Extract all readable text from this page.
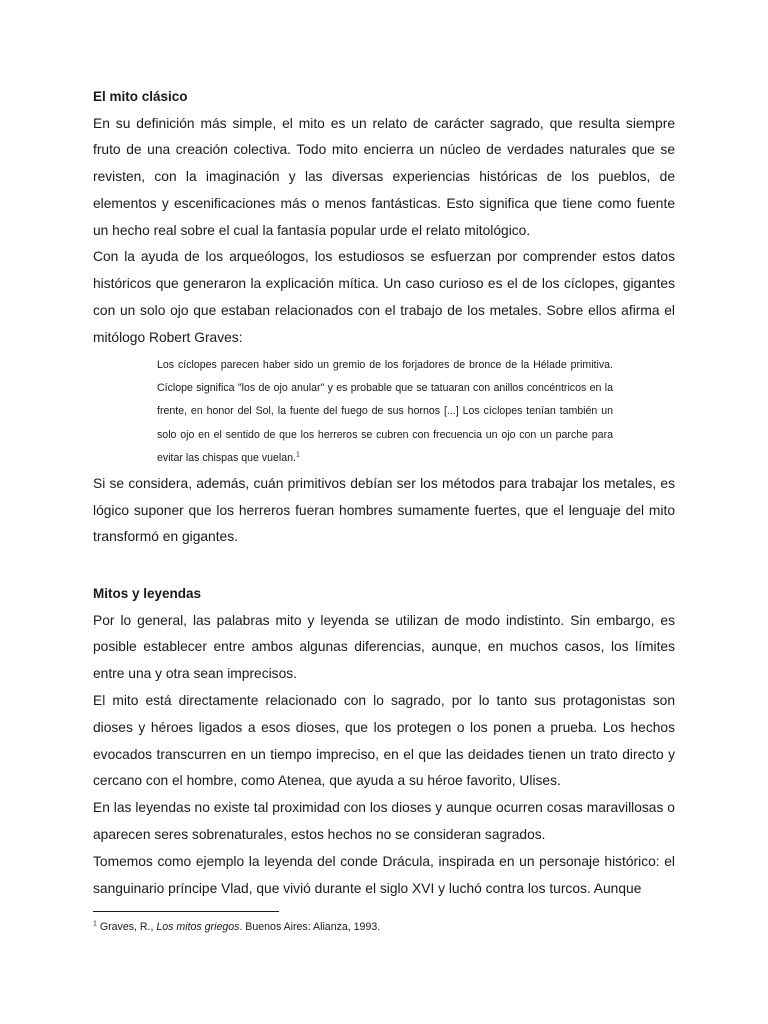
El mito clásico

En su definición más simple, el mito es un relato de carácter sagrado, que resulta siempre fruto de una creación colectiva. Todo mito encierra un núcleo de verdades naturales que se revisten, con la imaginación y las diversas experiencias históricas de los pueblos, de elementos y escenificaciones más o menos fantásticas. Esto significa que tiene como fuente un hecho real sobre el cual la fantasía popular urde el relato mitológico.

Con la ayuda de los arqueólogos, los estudiosos se esfuerzan por comprender estos datos históricos que generaron la explicación mítica. Un caso curioso es el de los cíclopes, gigantes con un solo ojo que estaban relacionados con el trabajo de los metales. Sobre ellos afirma el mitólogo Robert Graves:

Los cíclopes parecen haber sido un gremio de los forjadores de bronce de la Hélade primitiva. Cíclope significa "los de ojo anular" y es probable que se tatuaran con anillos concéntricos en la frente, en honor del Sol, la fuente del fuego de sus hornos [...] Los cíclopes tenían también un solo ojo en el sentido de que los herreros se cubren con frecuencia un ojo con un parche para evitar las chispas que vuelan.$^1$

Si se considera, además, cuán primitivos debían ser los métodos para trabajar los metales, es lógico suponer que los herreros fueran hombres sumamente fuertes, que el lenguaje del mito transformó en gigantes.

Mitos y leyendas

Por lo general, las palabras mito y leyenda se utilizan de modo indistinto. Sin embargo, es posible establecer entre ambos algunas diferencias, aunque, en muchos casos, los límites entre una y otra sean imprecisos.

El mito está directamente relacionado con lo sagrado, por lo tanto sus protagonistas son dioses y héroes ligados a esos dioses, que los protegen o los ponen a prueba. Los hechos evocados transcurren en un tiempo impreciso, en el que las deidades tienen un trato directo y cercano con el hombre, como Atenea, que ayuda a su héroe favorito, Ulises.

En las leyendas no existe tal proximidad con los dioses y aunque ocurren cosas maravillosas o aparecen seres sobrenaturales, estos hechos no se consideran sagrados.

Tomemos como ejemplo la leyenda del conde Drácula, inspirada en un personaje histórico: el sanguinario príncipe Vlad, que vivió durante el siglo XVI y luchó contra los turcos. Aunque

$^1$ Graves, R., Los mitos griegos. Buenos Aires: Alianza, 1993.
